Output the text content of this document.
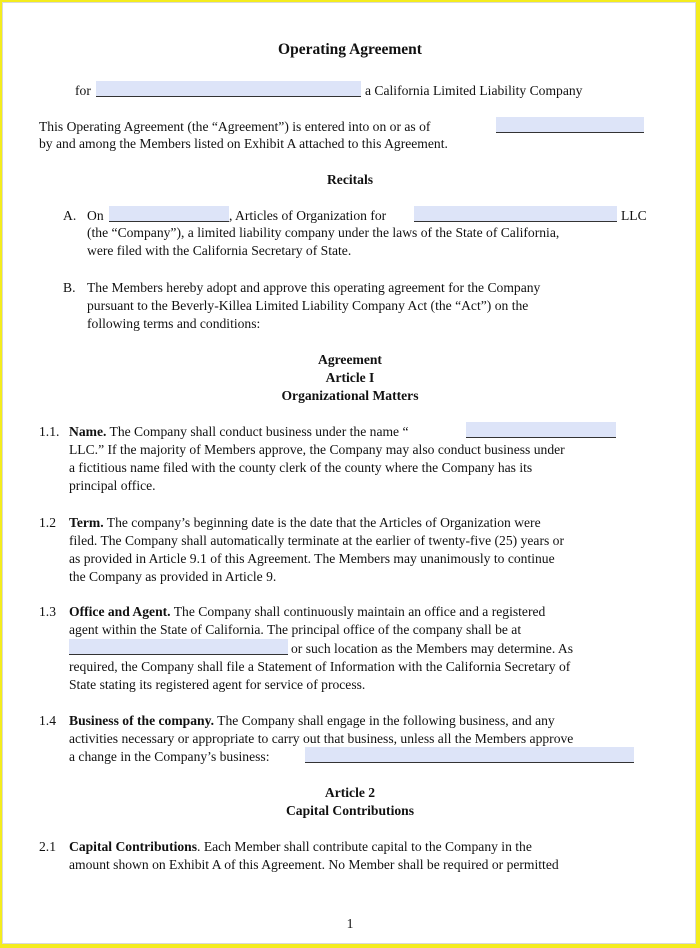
Operating Agreement
for	a California Limited Liability Company
This Operating Agreement (the “Agreement”) is entered into on or as of
by and among the Members listed on Exhibit A attached to this Agreement.
Recitals
A. On	, Articles of Organization for	LLC
(the “Company”), a limited liability company under the laws of the State of California,
were filed with the California Secretary of State.
B. The Members hereby adopt and approve this operating agreement for the Company
pursuant to the Beverly-Killea Limited Liability Company Act (the “Act”) on the
following terms and conditions:
Agreement
Article I
Organizational Matters
1.1. Name. The Company shall conduct business under the name “
LLC.” If the majority of Members approve, the Company may also conduct business under
a fictitious name filed with the county clerk of the county where the Company has its
principal office.
1.2 Term. The company’s beginning date is the date that the Articles of Organization were
filed. The Company shall automatically terminate at the earlier of twenty-five (25) years or
as provided in Article 9.1 of this Agreement. The Members may unanimously to continue
the Company as provided in Article 9.
1.3 Office and Agent. The Company shall continuously maintain an office and a registered
agent within the State of California. The principal office of the company shall be at
or such location as the Members may determine. As
required, the Company shall file a Statement of Information with the California Secretary of
State stating its registered agent for service of process.
1.4 Business of the company. The Company shall engage in the following business, and any
activities necessary or appropriate to carry out that business, unless all the Members approve
a change in the Company’s business:
Article 2
Capital Contributions
2.1 Capital Contributions. Each Member shall contribute capital to the Company in the
amount shown on Exhibit A of this Agreement. No Member shall be required or permitted
1
